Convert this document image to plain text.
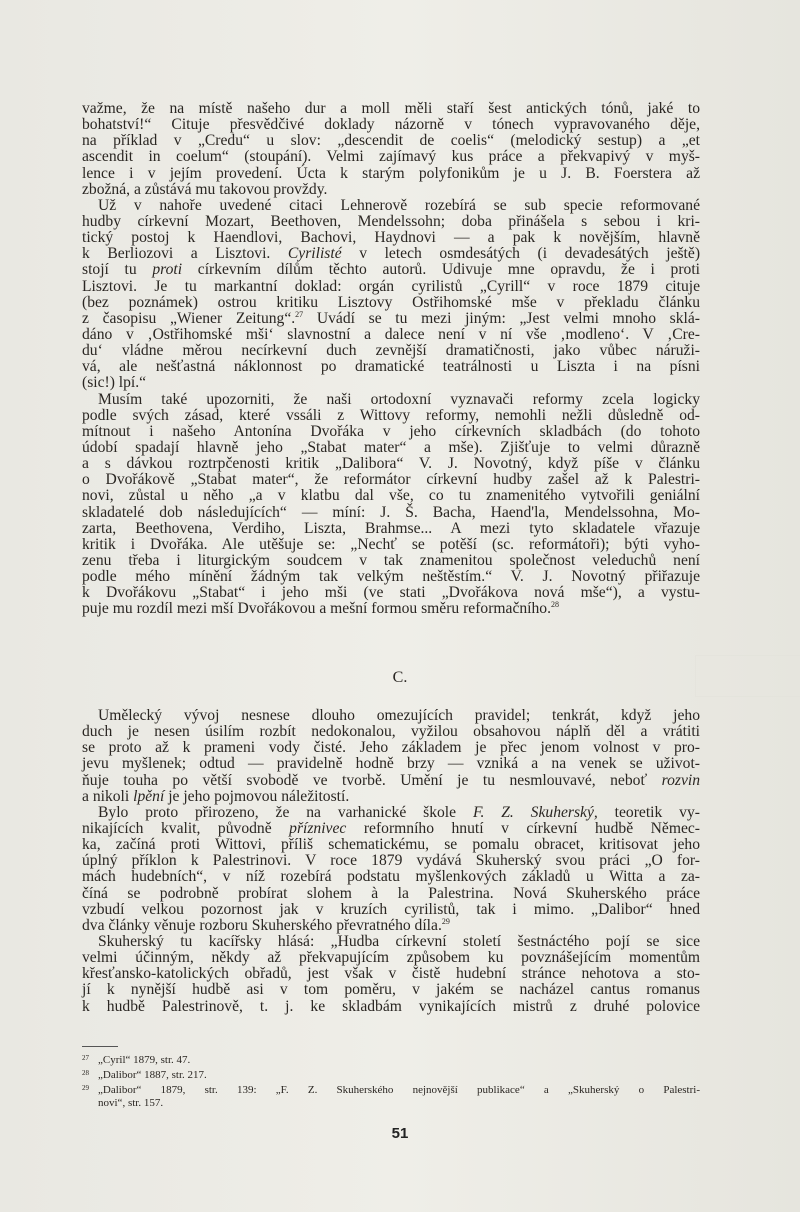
važme, že na místě našeho dur a moll měli staří šest antických tónů, jaké to
bohatství!“ Cituje přesvědčivé doklady názorně v tónech vypravovaného děje,
na příklad v „Credu“ u slov: „descendit de coelis“ (melodický sestup) a „et
ascendit in coelum“ (stoupání). Velmi zajímavý kus práce a překvapivý v myš-
lence i v jejím provedení. Úcta k starým polyfonikům je u J. B. Foerstera až
zbožná, a zůstává mu takovou provždy.
Už v nahoře uvedené citaci Lehnerově rozebírá se sub specie reformované
hudby církevní Mozart, Beethoven, Mendelssohn; doba přinášela s sebou i kri-
tický postoj k Haendlovi, Bachovi, Haydnovi — a pak k novějším, hlavně
k Berliozovi a Lisztovi. Cyrilisté v letech osmdesátých (i devadesátých ještě)
stojí tu proti církevním dílům těchto autorů. Udivuje mne opravdu, že i proti
Lisztovi. Je tu markantní doklad: orgán cyrilistů „Cyrill“ v roce 1879 cituje
(bez poznámek) ostrou kritiku Lisztovy Ostřihomské mše v překladu článku
z časopisu „Wiener Zeitung“.$^{27}$ Uvádí se tu mezi jiným: „Jest velmi mnoho sklá-
dáno v ‚Ostřihomské mši‘ slavnostní a dalece není v ní vše ‚modleno‘. V ‚Cre-
du‘ vládne měrou necírkevní duch zevnější dramatičnosti, jako vůbec náruži-
vá, ale nešťastná náklonnost po dramatické teatrálnosti u Liszta i na písni
(sic!) lpí.“
Musím také upozorniti, že naši ortodoxní vyznavači reformy zcela logicky
podle svých zásad, které vssáli z Wittovy reformy, nemohli nežli důsledně od-
mítnout i našeho Antonína Dvořáka v jeho církevních skladbách (do tohoto
údobí spadají hlavně jeho „Stabat mater“ a mše). Zjišťuje to velmi důrazně
a s dávkou roztrpčenosti kritik „Dalibora“ V. J. Novotný, když píše v článku
o Dvořákově „Stabat mater“, že reformátor církevní hudby zašel až k Palestri-
novi, zůstal u něho „a v klatbu dal vše, co tu znamenitého vytvořili geniální
skladatelé dob následujících“ — míní: J. Š. Bacha, Haend'la, Mendelssohna, Mo-
zarta, Beethovena, Verdiho, Liszta, Brahmse... A mezi tyto skladatele vřazuje
kritik i Dvořáka. Ale utěšuje se: „Nechť se potěší (sc. reformátoři); býti vyho-
zenu třeba i liturgickým soudcem v tak znamenitou společnost veleduchů není
podle mého mínění žádným tak velkým neštěstím.“ V. J. Novotný přiřazuje
k Dvořákovu „Stabat“ i jeho mši (ve stati „Dvořákova nová mše“), a vystu-
puje mu rozdíl mezi mší Dvořákovou a mešní formou směru reformačního.$^{28}$
C.
Umělecký vývoj nesnese dlouho omezujících pravidel; tenkrát, když jeho
duch je nesen úsilím rozbít nedokonalou, vyžilou obsahovou náplň děl a vrátiti
se proto až k prameni vody čisté. Jeho základem je přec jenom volnost v pro-
jevu myšlenek; odtud — pravidelně hodně brzy — vzniká a na venek se uživot-
ňuje touha po větší svobodě ve tvorbě. Umění je tu nesmlouvavé, neboť rozvin
a nikoli lpění je jeho pojmovou náležitostí.
Bylo proto přirozeno, že na varhanické škole F. Z. Skuherský, teoretik vy-
nikajících kvalit, původně příznivec reformního hnutí v církevní hudbě Němec-
ka, začíná proti Wittovi, příliš schematickému, se pomalu obracet, kritisovat jeho
úplný příklon k Palestrinovi. V roce 1879 vydává Skuherský svou práci „O for-
mách hudebních“, v níž rozebírá podstatu myšlenkových základů u Witta a za-
číná se podrobně probírat slohem à la Palestrina. Nová Skuherského práce
vzbudí velkou pozornost jak v kruzích cyrilistů, tak i mimo. „Dalibor“ hned
dva články věnuje rozboru Skuherského převratného díla.$^{29}$
Skuherský tu kacířsky hlásá: „Hudba církevní století šestnáctého pojí se sice
velmi účinným, někdy až překvapujícím způsobem ku povznášejícím momentům
křesťansko-katolických obřadů, jest však v čistě hudební stránce nehotova a sto-
jí k nynější hudbě asi v tom poměru, v jakém se nacházel cantus romanus
k hudbě Palestrinově, t. j. ke skladbám vynikajících mistrů z druhé polovice
27 „Cyril“ 1879, str. 47.
28 „Dalibor“ 1887, str. 217.
29 „Dalibor“ 1879, str. 139: „F. Z. Skuherského nejnovější publikace“ a „Skuherský o Palestri-
novi“, str. 157.
51
